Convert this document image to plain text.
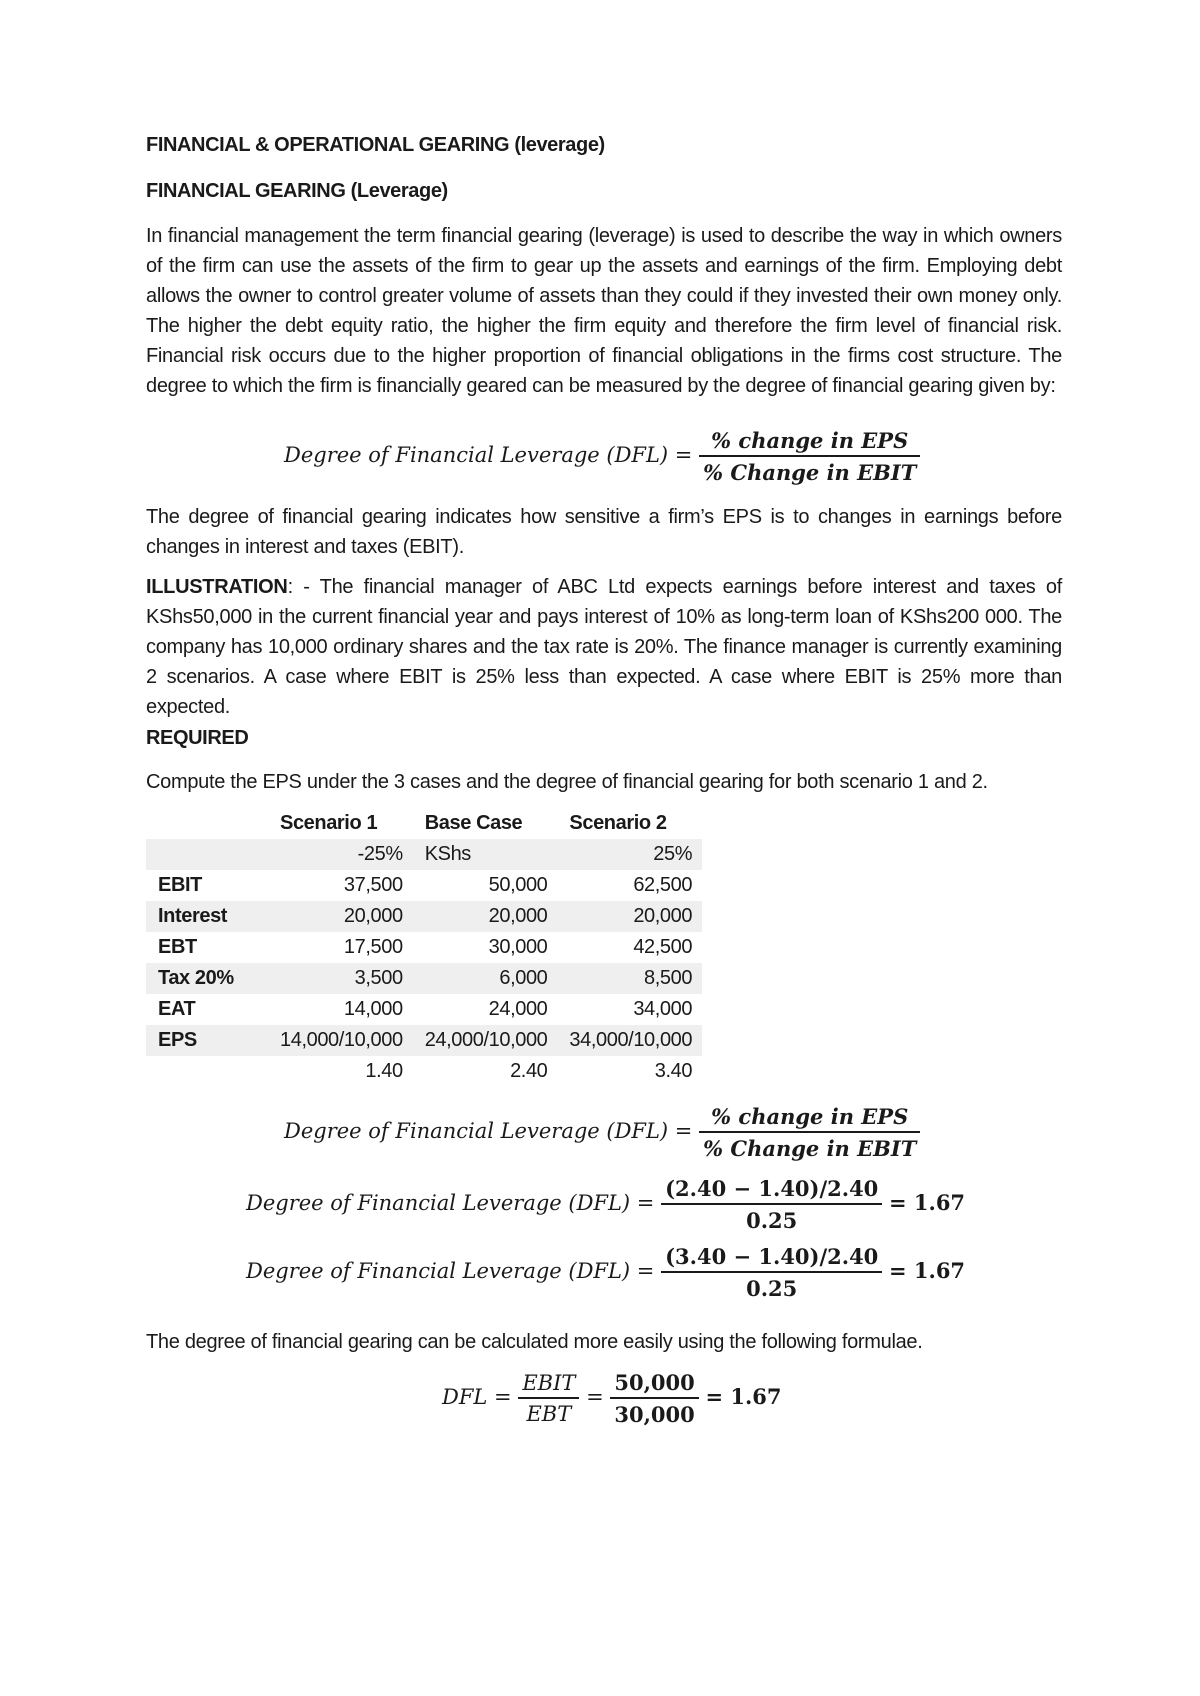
FINANCIAL & OPERATIONAL GEARING (leverage)
FINANCIAL GEARING (Leverage)
In financial management the term financial gearing (leverage) is used to describe the way in which owners of the firm can use the assets of the firm to gear up the assets and earnings of the firm. Employing debt allows the owner to control greater volume of assets than they could if they invested their own money only. The higher the debt equity ratio, the higher the firm equity and therefore the firm level of financial risk. Financial risk occurs due to the higher proportion of financial obligations in the firms cost structure. The degree to which the firm is financially geared can be measured by the degree of financial gearing given by:
Degree of Financial Leverage $(DFL) = \frac{\text{\% change in EPS}}{\text{\% Change in EBIT}}$
The degree of financial gearing indicates how sensitive a firm’s EPS is to changes in earnings before changes in interest and taxes (EBIT).
ILLUSTRATION: - The financial manager of ABC Ltd expects earnings before interest and taxes of KShs50,000 in the current financial year and pays interest of 10% as long-term loan of KShs200 000. The company has 10,000 ordinary shares and the tax rate is 20%. The finance manager is currently examining 2 scenarios. A case where EBIT is 25% less than expected. A case where EBIT is 25% more than expected.
REQUIRED
Compute the EPS under the 3 cases and the degree of financial gearing for both scenario 1 and 2.
	Scenario 1	Base Case	Scenario 2
	-25%	KShs	25%
EBIT	37,500	50,000	62,500
Interest	20,000	20,000	20,000
EBT	17,500	30,000	42,500
Tax 20%	3,500	6,000	8,500
EAT	14,000	24,000	34,000
EPS	14,000/10,000	24,000/10,000	34,000/10,000
	1.40	2.40	3.40
Degree of Financial Leverage $(DFL) = \frac{\text{\% change in EPS}}{\text{\% Change in EBIT}}$
Degree of Financial Leverage $(DFL) = \frac{(2.40 - 1.40)/2.40}{0.25} = 1.67$
Degree of Financial Leverage $(DFL) = \frac{(3.40 - 1.40)/2.40}{0.25} = 1.67$
The degree of financial gearing can be calculated more easily using the following formulae.
DFL = $\frac{\text{EBIT}}{\text{EBT}} = \frac{50,000}{30,000} = 1.67$
